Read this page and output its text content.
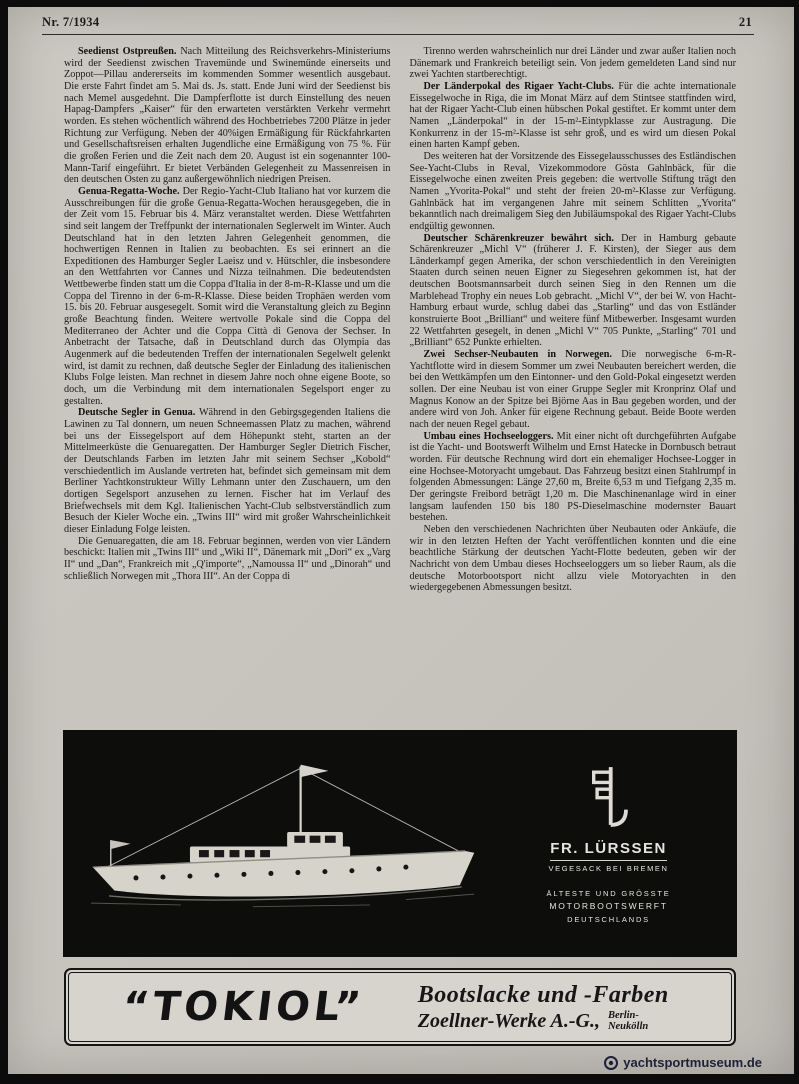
Nr. 7/1934	21

Seedienst Ostpreußen. Nach Mitteilung des Reichsverkehrs-Ministeriums wird der Seedienst zwischen Travemünde und Swinemünde einerseits und Zoppot—Pillau andererseits im kommenden Sommer wesentlich ausgebaut. Die erste Fahrt findet am 5. Mai ds. Js. statt. Ende Juni wird der Seedienst bis nach Memel ausgedehnt. Die Dampferflotte ist durch Einstellung des neuen Hapag-Dampfers „Kaiser“ für den erwarteten verstärkten Verkehr vermehrt worden. Es stehen wöchentlich während des Hochbetriebes 7200 Plätze in jeder Richtung zur Verfügung. Neben der 40%igen Ermäßigung für Rückfahrkarten und Gesellschaftsreisen erhalten Jugendliche eine Ermäßigung von 75 %. Für die großen Ferien und die Zeit nach dem 20. August ist ein sogenannter 100-Mann-Tarif eingeführt. Er bietet Verbänden Gelegenheit zu Massenreisen in den deutschen Osten zu ganz außergewöhnlich niedrigen Preisen.

Genua-Regatta-Woche. Der Regio-Yacht-Club Italiano hat vor kurzem die Ausschreibungen für die große Genua-Regatta-Wochen herausgegeben, die in der Zeit vom 15. Februar bis 4. März veranstaltet werden. Diese Wettfahrten sind seit langem der Treffpunkt der internationalen Seglerwelt im Winter. Auch Deutschland hat in den letzten Jahren Gelegenheit genommen, die hochwertigen Rennen in Italien zu beobachten. Es sei erinnert an die Expeditionen des Hamburger Segler Laeisz und v. Hütschler, die insbesondere an den Wettfahrten vor Cannes und Nizza teilnahmen. Die bedeutendsten Wettbewerbe finden statt um die Coppa d'Italia in der 8-m-R-Klasse und um die Coppa del Tirenno in der 6-m-R-Klasse. Diese beiden Trophäen werden vom 15. bis 20. Februar ausgesegelt. Somit wird die Veranstaltung gleich zu Beginn große Beachtung finden. Weitere wertvolle Pokale sind die Coppa del Mediterraneo der Achter und die Coppa Città di Genova der Sechser. In Anbetracht der Tatsache, daß in Deutschland durch das Olympia das Augenmerk auf die bedeutenden Treffen der internationalen Segelwelt gelenkt wird, ist damit zu rechnen, daß deutsche Segler der Einladung des italienischen Klubs Folge leisten. Man rechnet in diesem Jahre noch ohne eigene Boote, so doch, um die Verbindung mit dem internationalen Segelsport enger zu gestalten.

Deutsche Segler in Genua. Während in den Gebirgsgegenden Italiens die Lawinen zu Tal donnern, um neuen Schneemassen Platz zu machen, während bei uns der Eissegelsport auf dem Höhepunkt steht, starten an der Mittelmeerküste die Genuaregatten. Der Hamburger Segler Dietrich Fischer, der Deutschlands Farben im letzten Jahr mit seinem Sechser „Kobold“ verschiedentlich im Auslande vertreten hat, befindet sich gemeinsam mit dem Berliner Yachtkonstrukteur Willy Lehmann unter den Zuschauern, um den dortigen Segelsport anzusehen zu lernen. Fischer hat im Verlauf des Briefwechsels mit dem Kgl. Italienischen Yacht-Club selbstverständlich zum Besuch der Kieler Woche ein. „Twins III“ wird mit großer Wahrscheinlichkeit dieser Einladung Folge leisten.

Die Genuaregatten, die am 18. Februar beginnen, werden von vier Ländern beschickt: Italien mit „Twins III“ und „Wiki II“, Dänemark mit „Dori“ ex „Varg II“ und „Dan“, Frankreich mit „Q'importe“, „Namoussa II“ und „Dinorah“ und schließlich Norwegen mit „Thora III“. An der Coppa di

Tirenno werden wahrscheinlich nur drei Länder und zwar außer Italien noch Dänemark und Frankreich beteiligt sein. Von jedem gemeldeten Land sind nur zwei Yachten startberechtigt.

Der Länderpokal des Rigaer Yacht-Clubs. Für die achte internationale Eissegelwoche in Riga, die im Monat März auf dem Stintsee stattfinden wird, hat der Rigaer Yacht-Club einen hübschen Pokal gestiftet. Er kommt unter dem Namen „Länderpokal“ in der 15-m²-Eintypklasse zur Austragung. Die Konkurrenz in der 15-m²-Klasse ist sehr groß, und es wird um diesen Pokal einen harten Kampf geben.

Des weiteren hat der Vorsitzende des Eissegelausschusses des Estländischen See-Yacht-Clubs in Reval, Vizekommodore Gösta Gahlnbäck, für die Eissegelwoche einen zweiten Preis gegeben: die wertvolle Stiftung trägt den Namen „Yvorita-Pokal“ und steht der freien 20-m²-Klasse zur Verfügung. Gahlnbäck hat im vergangenen Jahre mit seinem Schlitten „Yvorita“ bekanntlich nach dreimaligem Sieg den Jubiläumspokal des Rigaer Yacht-Clubs endgültig gewonnen.

Deutscher Schärenkreuzer bewährt sich. Der in Hamburg gebaute Schärenkreuzer „Michl V“ (früherer J. F. Kirsten), der Sieger aus dem Länderkampf gegen Amerika, der schon verschiedentlich in den Vereinigten Staaten durch seinen neuen Eigner zu Siegesehren gekommen ist, hat der deutschen Bootsmannsarbeit durch seinen Sieg in den Rennen um die Marblehead Trophy ein neues Lob gebracht. „Michl V“, der bei W. von Hacht-Hamburg erbaut wurde, schlug dabei das „Starling“ und das von Estländer konstruierte Boot „Brilliant“ und weitere fünf Mitbewerber. Insgesamt wurden 22 Wettfahrten gesegelt, in denen „Michl V“ 705 Punkte, „Starling“ 701 und „Brilliant“ 652 Punkte erhielten.

Zwei Sechser-Neubauten in Norwegen. Die norwegische 6-m-R-Yachtflotte wird in diesem Sommer um zwei Neubauten bereichert werden, die bei den Wettkämpfen um den Eintonner- und den Gold-Pokal eingesetzt werden sollen. Der eine Neubau ist von einer Gruppe Segler mit Kronprinz Olaf und Magnus Konow an der Spitze bei Björne Aas in Bau gegeben worden, und der andere wird von Joh. Anker für eigene Rechnung gebaut. Beide Boote werden nach der neuen Regel gebaut.

Umbau eines Hochseeloggers. Mit einer nicht oft durchgeführten Aufgabe ist die Yacht- und Bootswerft Wilhelm und Ernst Hatecke in Dornbusch betraut worden. Für deutsche Rechnung wird dort ein ehemaliger Hochsee-Logger in eine Hochsee-Motoryacht umgebaut. Das Fahrzeug besitzt einen Stahlrumpf in folgenden Abmessungen: Länge 27,60 m, Breite 6,53 m und Tiefgang 2,35 m. Der geringste Freibord beträgt 1,20 m. Die Maschinenanlage wird in einer langsam laufenden 150 bis 180 PS-Dieselmaschine modernster Bauart bestehen.

Neben den verschiedenen Nachrichten über Neubauten oder Ankäufe, die wir in den letzten Heften der Yacht veröffentlichen konnten und die eine beachtliche Stärkung der deutschen Yacht-Flotte bedeuten, geben wir der Nachricht von dem Umbau dieses Hochseeloggers um so lieber Raum, als die deutsche Motorbootsport nicht allzu viele Motoryachten in den wiedergegebenen Abmessungen besitzt.

FR. LÜRSSEN
VEGESACK BEI BREMEN
ÄLTESTE UND GRÖSSTE
MOTORBOOTSWERFT
DEUTSCHLANDS
“TOKIOL”	Bootslacke und -Farben
Zoellner-Werke A.-G., Berlin-
Neukölln
yachtsportmuseum.de
